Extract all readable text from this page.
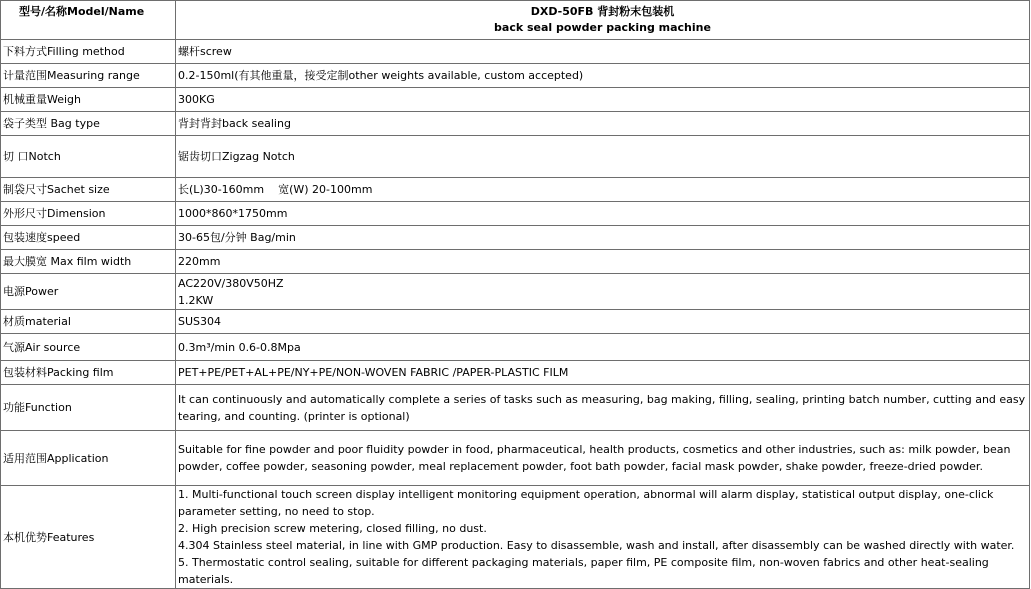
型号/名称Model/Name	DXD-50FB 背封粉末包装机
back seal powder packing machine

下料方式Filling method	螺杆screw
计量范围Measuring range	0.2-150ml(有其他重量，接受定制other weights available, custom accepted)
机械重量Weigh	300KG
袋子类型 Bag type	背封背封back sealing
切 口Notch	锯齿切口Zigzag Notch
制袋尺寸Sachet size	长(L)30-160mm    宽(W) 20-100mm
外形尺寸Dimension	1000*860*1750mm
包装速度speed	30-65包/分钟 Bag/min
最大膜宽 Max film width	220mm
电源Power	AC220V/380V50HZ
1.2KW

材质material	SUS304
气源Air source	0.3m³/min 0.6-0.8Mpa
包装材料Packing film	PET+PE/PET+AL+PE/NY+PE/NON-WOVEN FABRIC /PAPER-PLASTIC FILM
功能Function	It can continuously and automatically complete a series of tasks such as measuring, bag making, filling, sealing, printing batch number, cutting and easy tearing, and counting. (printer is optional)
适用范围Application	Suitable for fine powder and poor fluidity powder in food, pharmaceutical, health products, cosmetics and other industries, such as: milk powder, bean powder, coffee powder, seasoning powder, meal replacement powder, foot bath powder, facial mask powder, shake powder, freeze-dried powder.
本机优势Features	1. Multi-functional touch screen display intelligent monitoring equipment operation, abnormal will alarm display, statistical output display, one-click parameter setting, no need to stop.
2. High precision screw metering, closed filling, no dust.
4.304 Stainless steel material, in line with GMP production. Easy to disassemble, wash and install, after disassembly can be washed directly with water.
5. Thermostatic control sealing, suitable for different packaging materials, paper film, PE composite film, non-woven fabrics and other heat-sealing materials.
